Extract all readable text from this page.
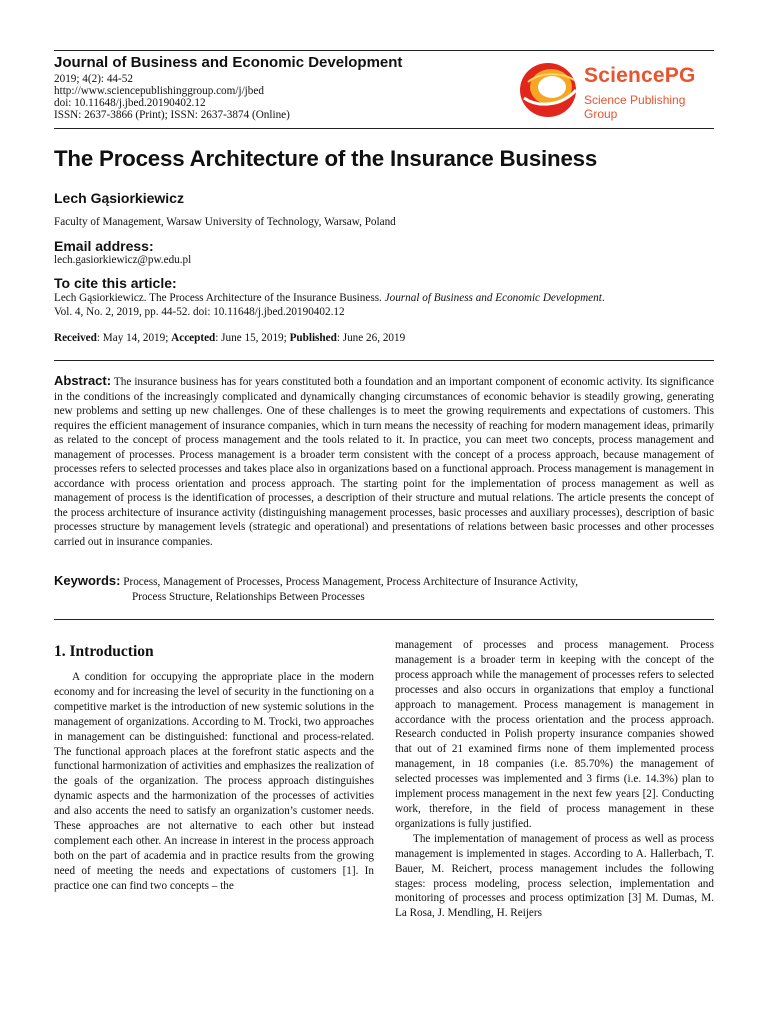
Journal of Business and Economic Development
2019; 4(2): 44-52
http://www.sciencepublishinggroup.com/j/jbed
doi: 10.11648/j.jbed.20190402.12
ISSN: 2637-3866 (Print); ISSN: 2637-3874 (Online)
SciencePG
Science Publishing Group
The Process Architecture of the Insurance Business
Lech Gąsiorkiewicz
Faculty of Management, Warsaw University of Technology, Warsaw, Poland
Email address:
lech.gasiorkiewicz@pw.edu.pl
To cite this article:
Lech Gąsiorkiewicz. The Process Architecture of the Insurance Business. Journal of Business and Economic Development.
Vol. 4, No. 2, 2019, pp. 44-52. doi: 10.11648/j.jbed.20190402.12
Received: May 14, 2019; Accepted: June 15, 2019; Published: June 26, 2019
Abstract: The insurance business has for years constituted both a foundation and an important component of economic activity. Its significance in the conditions of the increasingly complicated and dynamically changing circumstances of economic behavior is steadily growing, generating new problems and setting up new challenges. One of these challenges is to meet the growing requirements and expectations of customers. This requires the efficient management of insurance companies, which in turn means the necessity of reaching for modern management ideas, primarily as related to the concept of process management and the tools related to it. In practice, you can meet two concepts, process management and management of processes. Process management is a broader term consistent with the concept of a process approach, because management of processes refers to selected processes and takes place also in organizations based on a functional approach. Process management is management in accordance with process orientation and process approach. The starting point for the implementation of process management as well as management of process is the identification of processes, a description of their structure and mutual relations. The article presents the concept of the process architecture of insurance activity (distinguishing management processes, basic processes and auxiliary processes), description of basic processes structure by management levels (strategic and operational) and presentations of relations between basic processes and other processes carried out in insurance companies.
Keywords: Process, Management of Processes, Process Management, Process Architecture of Insurance Activity,
Process Structure, Relationships Between Processes
1. Introduction

A condition for occupying the appropriate place in the modern economy and for increasing the level of security in the functioning on a competitive market is the introduction of new systemic solutions in the management of organizations. According to M. Trocki, two approaches in management can be distinguished: functional and process-related. The functional approach places at the forefront static aspects and the functional harmonization of activities and emphasizes the realization of the goals of the organization. The process approach distinguishes dynamic aspects and the harmonization of the processes of activities and also accents the need to satisfy an organization’s customer needs. These approaches are not alternative to each other but instead complement each other. An increase in interest in the process approach both on the part of academia and in practice results from the growing need of meeting the needs and expectations of customers [1]. In practice one can find two concepts – the

management of processes and process management. Process management is a broader term in keeping with the concept of the process approach while the management of processes refers to selected processes and also occurs in organizations that employ a functional approach to management. Process management is management in accordance with the process orientation and the process approach. Research conducted in Polish property insurance companies showed that out of 21 examined firms none of them implemented process management, in 18 companies (i.e. 85.70%) the management of selected processes was implemented and 3 firms (i.e. 14.3%) plan to implement process management in the next few years [2]. Conducting work, therefore, in the field of process management in these organizations is fully justified.

The implementation of management of process as well as process management is implemented in stages. According to A. Hallerbach, T. Bauer, M. Reichert, process management includes the following stages: process modeling, process selection, implementation and monitoring of processes and process optimization [3] M. Dumas, M. La Rosa, J. Mendling, H. Reijers
